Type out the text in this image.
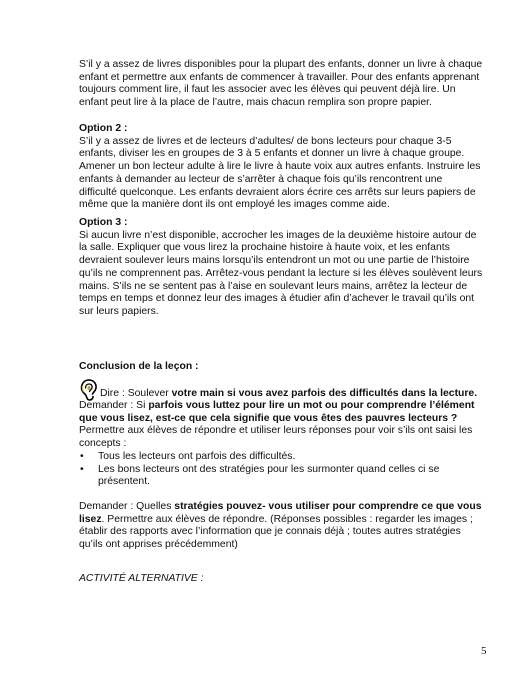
S’il y a assez de livres disponibles pour la plupart des enfants, donner un livre à chaque
enfant et permettre aux enfants de commencer à travailler. Pour des enfants apprenant
toujours comment lire, il faut les associer avec les élèves qui peuvent déjà lire. Un
enfant peut lire à la place de l’autre, mais chacun remplira son propre papier.
Option 2 :
S’il y a assez de livres et de lecteurs d’adultes/ de bons lecteurs pour chaque 3-5
enfants, diviser les en groupes de 3 à 5 enfants et donner un livre à chaque groupe.
Amener un bon lecteur adulte à lire le livre à haute voix aux autres enfants. Instruire les
enfants à demander au lecteur de s’arrêter à chaque fois qu’ils rencontrent une
difficulté quelconque. Les enfants devraient alors écrire ces arrêts sur leurs papiers de
même que la manière dont ils ont employé les images comme aide.
Option 3 :
Si aucun livre n’est disponible, accrocher les images de la deuxième histoire autour de
la salle. Expliquer que vous lirez la prochaine histoire à haute voix, et les enfants
devraient soulever leurs mains lorsqu’ils entendront un mot ou une partie de l’histoire
qu’ils ne comprennent pas. Arrêtez-vous pendant la lecture si les élèves soulèvent leurs
mains. S’ils ne se sentent pas à l’aise en soulevant leurs mains, arrêtez la lecteur de
temps en temps et donnez leur des images à étudier afin d’achever le travail qu’ils ont
sur leurs papiers.
Conclusion de la leçon :
Dire : Soulever votre main si vous avez parfois des difficultés dans la lecture.
Demander : Si parfois vous luttez pour lire un mot ou pour comprendre l’élément
que vous lisez, est-ce que cela signifie que vous êtes des pauvres lecteurs ?
Permettre aux élèves de répondre et utiliser leurs réponses pour voir s’ils ont saisi les
concepts :
• Tous les lecteurs ont parfois des difficultés.
• Les bons lecteurs ont des stratégies pour les surmonter quand celles ci se
présentent.
Demander : Quelles stratégies pouvez- vous utiliser pour comprendre ce que vous
lisez. Permettre aux élèves de répondre. (Réponses possibles : regarder les images ;
établir des rapports avec l’information que je connais déjà ; toutes autres stratégies
qu’ils ont apprises précédemment)
ACTIVITÉ ALTERNATIVE :
5
